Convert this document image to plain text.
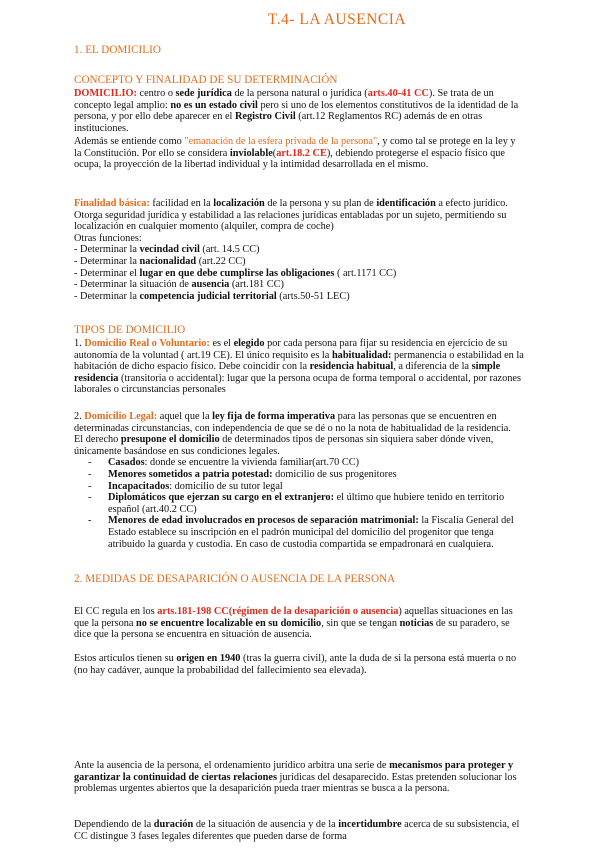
T.4- LA AUSENCIA
1. EL DOMICILIO
CONCEPTO Y FINALIDAD DE SU DETERMINACIÓN

DOMICILIO: centro o sede jurídica de la persona natural o jurídica (arts.40-41 CC). Se trata de un concepto legal amplio: no es un estado civil pero si uno de los elementos constitutivos de la identidad de la persona, y por ello debe aparecer en el Registro Civil (art.12 Reglamentos RC) además de en otras instituciones.

Además se entiende como "emanación de la esfera privada de la persona", y como tal se protege en la ley y la Constitución. Por ello se considera inviolable(art.18.2 CE), debiendo protegerse el espacio físico que ocupa, la proyección de la libertad individual y la intimidad desarrollada en el mismo.

Finalidad básica: facilidad en la localización de la persona y su plan de identificación a efecto jurídico. Otorga seguridad jurídica y estabilidad a las relaciones jurídicas entabladas por un sujeto, permitiendo su localización en cualquier momento (alquiler, compra de coche)

Otras funciones:

- Determinar la vecindad civil (art. 14.5 CC)
- Determinar la nacionalidad (art.22 CC)
- Determinar el lugar en que debe cumplirse las obligaciones ( art.1171 CC)
- Determinar la situación de ausencia (art.181 CC)
- Determinar la competencia judicial territorial (arts.50-51 LEC)
TIPOS DE DOMICILIO

1. Domicilio Real o Voluntario: es el elegido por cada persona para fijar su residencia en ejercicio de su autonomía de la voluntad ( art.19 CE). El único requisito es la habitualidad: permanencia o estabilidad en la habitación de dicho espacio físico. Debe coincidir con la residencia habitual, a diferencia de la simple residencia (transitoria o accidental): lugar que la persona ocupa de forma temporal o accidental, por razones laborales o circunstancias personales

2. Domicilio Legal: aquel que la ley fija de forma imperativa para las personas que se encuentren en determinadas circunstancias, con independencia de que se dé o no la nota de habitualidad de la residencia. El derecho presupone el domicilio de determinados tipos de personas sin siquiera saber dónde viven, únicamente basándose en sus condiciones legales.

- Casados: donde se encuentre la vivienda familiar(art.70 CC)
- Menores sometidos a patria potestad: domicilio de sus progenitores
- Incapacitados: domicilio de su tutor legal
- Diplomáticos que ejerzan su cargo en el extranjero: el último que hubiere tenido en territorio español (art.40.2 CC)
- Menores de edad involucrados en procesos de separación matrimonial: la Fiscalía General del Estado establece su inscripción en el padrón municipal del domicilio del progenitor que tenga atribuido la guarda y custodia. En caso de custodia compartida se empadronará en cualquiera.
2. MEDIDAS DE DESAPARICIÓN O AUSENCIA DE LA PERSONA

El CC regula en los arts.181-198 CC(régimen de la desaparición o ausencia) aquellas situaciones en las que la persona no se encuentre localizable en su domicilio, sin que se tengan noticias de su paradero, se dice que la persona se encuentra en situación de ausencia.

Estos artículos tienen su origen en 1940 (tras la guerra civil), ante la duda de si la persona está muerta o no (no hay cadáver, aunque la probabilidad del fallecimiento sea elevada).

Ante la ausencia de la persona, el ordenamiento jurídico arbitra una serie de mecanismos para proteger y garantizar la continuidad de ciertas relaciones jurídicas del desaparecido. Estas pretenden solucionar los problemas urgentes abiertos que la desaparición pueda traer mientras se busca a la persona.

Dependiendo de la duración de la situación de ausencia y de la incertidumbre acerca de su subsistencia, el CC distingue 3 fases legales diferentes que pueden darse de forma
